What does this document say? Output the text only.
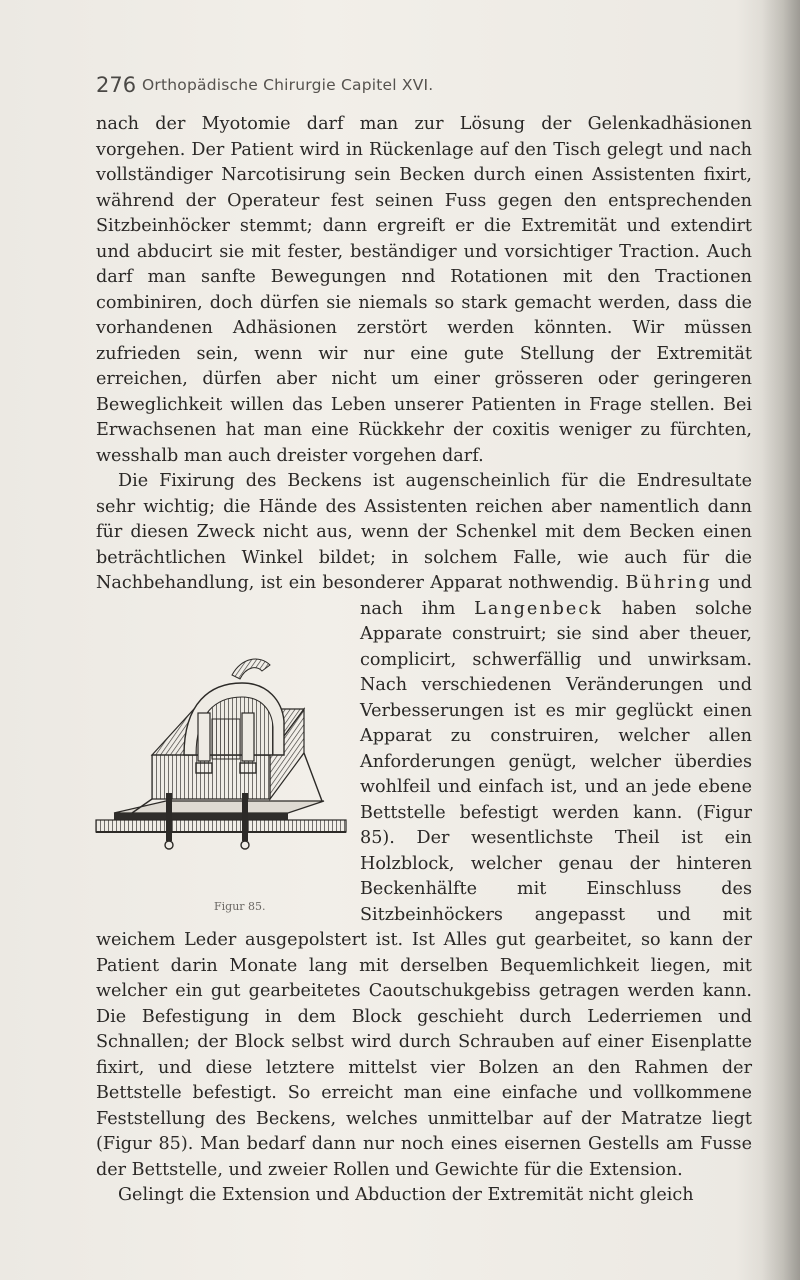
276 Orthopädische Chirurgie Capitel XVI.

nach der Myotomie darf man zur Lösung der Gelenkadhäsionen vorgehen. Der Patient wird in Rückenlage auf den Tisch gelegt und nach vollständiger Narcotisirung sein Becken durch einen Assistenten fixirt, während der Operateur fest seinen Fuss gegen den entsprechenden Sitzbeinhöcker stemmt; dann ergreift er die Extremität und extendirt und abducirt sie mit fester, beständiger und vorsichtiger Traction. Auch darf man sanfte Bewegungen nnd Rotationen mit den Tractionen combiniren, doch dürfen sie niemals so stark gemacht werden, dass die vorhandenen Adhäsionen zerstört werden könnten. Wir müssen zufrieden sein, wenn wir nur eine gute Stellung der Extremität erreichen, dürfen aber nicht um einer grösseren oder geringeren Beweglichkeit willen das Leben unserer Patienten in Frage stellen. Bei Erwachsenen hat man eine Rückkehr der coxitis weniger zu fürchten, wesshalb man auch dreister vorgehen darf.

Die Fixirung des Beckens ist augenscheinlich für die Endresultate sehr wichtig; die Hände des Assistenten reichen aber namentlich dann für diesen Zweck nicht aus, wenn der Schenkel mit dem Becken einen beträchtlichen Winkel bildet; in solchem Falle, wie auch für die Nachbehandlung, ist ein besonderer Apparat nothwendig. Bühring und nach ihm
Figur 85.
Langenbeck haben solche Apparate construirt; sie sind aber theuer, complicirt, schwerfällig und unwirksam. Nach verschiedenen Veränderungen und Verbesserungen ist es mir geglückt einen Apparat zu construiren, welcher allen Anforderungen genügt, welcher überdies wohlfeil und einfach ist, und an jede ebene Bettstelle befestigt werden kann. (Figur 85). Der wesentlichste Theil ist ein Holzblock, welcher genau der hinteren Beckenhälfte mit Einschluss des Sitzbeinhöckers angepasst und mit weichem Leder ausgepolstert ist. Ist Alles gut gearbeitet, so kann der Patient darin Monate lang mit derselben Bequemlichkeit liegen, mit welcher ein gut gearbeitetes Caoutschukgebiss getragen werden kann. Die Befestigung in dem Block geschieht durch Lederriemen und Schnallen; der Block selbst wird durch Schrauben auf einer Eisenplatte fixirt, und diese letztere mittelst vier Bolzen an den Rahmen der Bettstelle befestigt. So erreicht man eine einfache und vollkommene Feststellung des Beckens, welches unmittelbar auf der Matratze liegt (Figur 85). Man bedarf dann nur noch eines eisernen Gestells am Fusse der Bettstelle, und zweier Rollen und Gewichte für die Extension.

Gelingt die Extension und Abduction der Extremität nicht gleich
